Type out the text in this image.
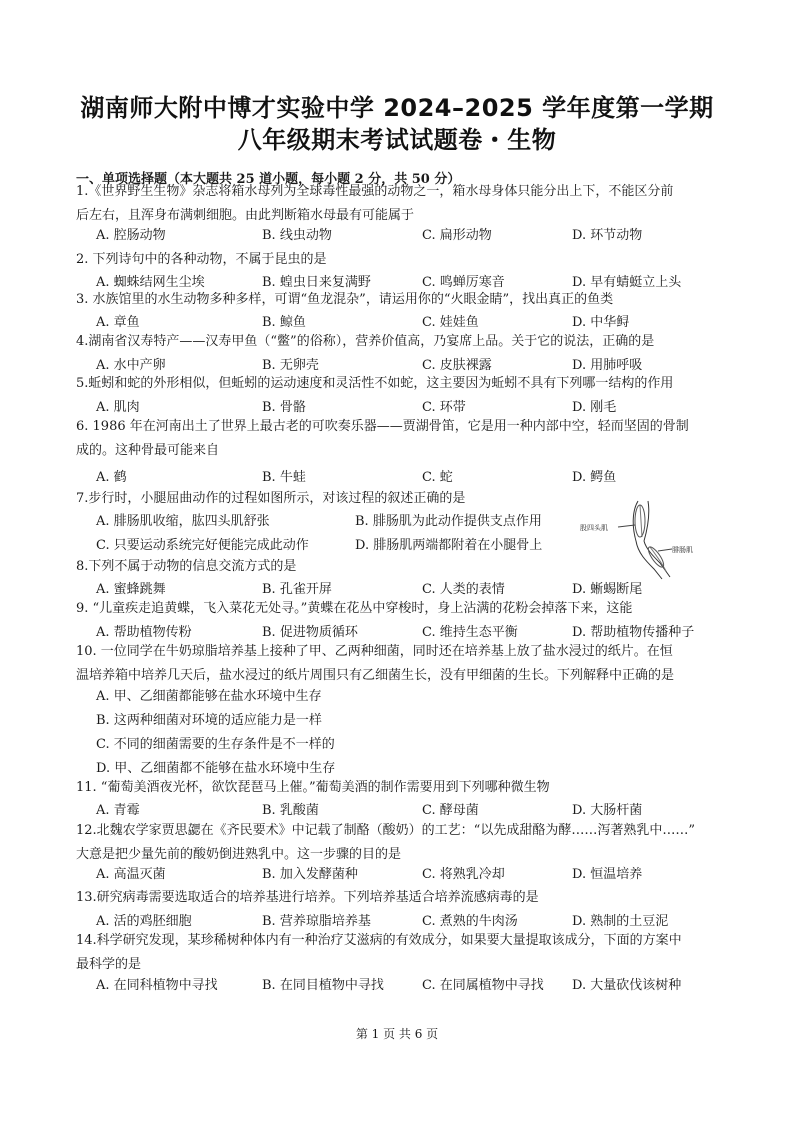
湖南师大附中博才实验中学 2024–2025 学年度第一学期
八年级期末考试试题卷・生物
一、单项选择题（本大题共 25 道小题，每小题 2 分，共 50 分）
1.《世界野生生物》杂志将箱水母列为全球毒性最强的动物之一，箱水母身体只能分出上下，不能区分前
后左右，且浑身布满刺细胞。由此判断箱水母最有可能属于
A. 腔肠动物	B. 线虫动物	C. 扁形动物	D. 环节动物
2. 下列诗句中的各种动物，不属于昆虫的是
A. 蜘蛛结网生尘埃	B. 蝗虫日来复满野	C. 鸣蝉厉寒音	D. 早有蜻蜓立上头
3. 水族馆里的水生动物多种多样，可谓“鱼龙混杂”，请运用你的“火眼金睛”，找出真正的鱼类
A. 章鱼	B. 鲸鱼	C. 娃娃鱼	D. 中华鲟
4.湖南省汉寿特产——汉寿甲鱼（“鳖”的俗称），营养价值高，乃宴席上品。关于它的说法，正确的是
A. 水中产卵	B. 无卵壳	C. 皮肤裸露	D. 用肺呼吸
5.蚯蚓和蛇的外形相似，但蚯蚓的运动速度和灵活性不如蛇，这主要因为蚯蚓不具有下列哪一结构的作用
A. 肌肉	B. 骨骼	C. 环带	D. 刚毛
6. 1986 年在河南出土了世界上最古老的可吹奏乐器——贾湖骨笛，它是用一种内部中空，轻而坚固的骨制
成的。这种骨最可能来自
A. 鹤	B. 牛蛙	C. 蛇	D. 鳄鱼
7.步行时，小腿屈曲动作的过程如图所示，对该过程的叙述正确的是
A. 腓肠肌收缩，肱四头肌舒张	B. 腓肠肌为此动作提供支点作用
C. 只要运动系统完好便能完成此动作	D. 腓肠肌两端都附着在小腿骨上
8.下列不属于动物的信息交流方式的是
A. 蜜蜂跳舞	B. 孔雀开屏	C. 人类的表情	D. 蜥蜴断尾
9. “儿童疾走追黄蝶，飞入菜花无处寻。”黄蝶在花丛中穿梭时，身上沾满的花粉会掉落下来，这能
A. 帮助植物传粉	B. 促进物质循环	C. 维持生态平衡	D. 帮助植物传播种子
10. 一位同学在牛奶琼脂培养基上接种了甲、乙两种细菌，同时还在培养基上放了盐水浸过的纸片。在恒
温培养箱中培养几天后，盐水浸过的纸片周围只有乙细菌生长，没有甲细菌的生长。下列解释中正确的是
A. 甲、乙细菌都能够在盐水环境中生存
B. 这两种细菌对环境的适应能力是一样
C. 不同的细菌需要的生存条件是不一样的
D. 甲、乙细菌都不能够在盐水环境中生存
11. “葡萄美酒夜光杯，欲饮琵琶马上催。”葡萄美酒的制作需要用到下列哪种微生物
A. 青霉	B. 乳酸菌	C. 酵母菌	D. 大肠杆菌
12.北魏农学家贾思勰在《齐民要术》中记载了制酪（酸奶）的工艺：“以先成甜酪为酵……泻著熟乳中……”
大意是把少量先前的酸奶倒进熟乳中。这一步骤的目的是
A. 高温灭菌	B. 加入发酵菌种	C. 将熟乳冷却	D. 恒温培养
13.研究病毒需要选取适合的培养基进行培养。下列培养基适合培养流感病毒的是
A. 活的鸡胚细胞	B. 营养琼脂培养基	C. 煮熟的牛肉汤	D. 熟制的土豆泥
14.科学研究发现，某珍稀树种体内有一种治疗艾滋病的有效成分，如果要大量提取该成分，下面的方案中
最科学的是
A. 在同科植物中寻找	B. 在同目植物中寻找	C. 在同属植物中寻找 D. 大量砍伐该树种
股四头肌
腓肠肌
第 1 页 共 6 页
